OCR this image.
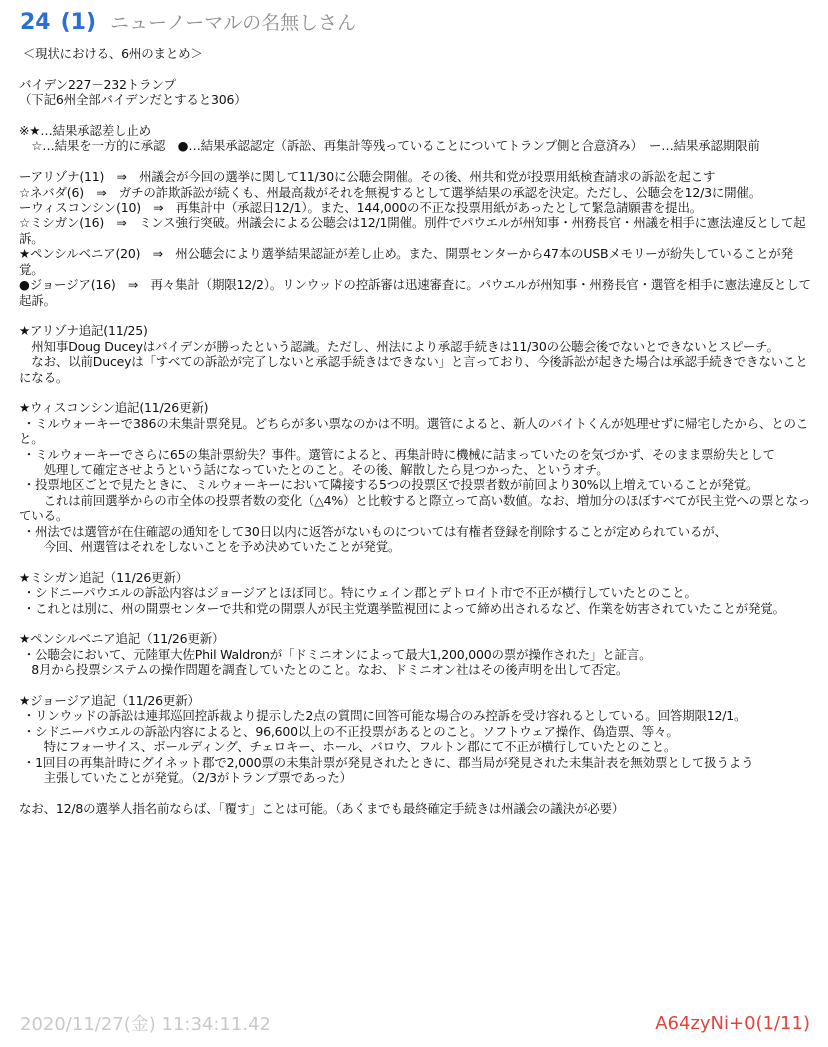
24 (1) ニューノーマルの名無しさん
＜現状における、6州のまとめ＞

バイデン227－232トランプ
（下記6州全部バイデンだとすると306）

※★…結果承認差し止め
　☆…結果を一方的に承認　●…結果承認認定（訴訟、再集計等残っていることについてトランプ側と合意済み）　ー…結果承認期限前

ーアリゾナ(11)　⇒　州議会が今回の選挙に関して11/30に公聴会開催。その後、州共和党が投票用紙検査請求の訴訟を起こす
☆ネバダ(6)　⇒　ガチの詐欺訴訟が続くも、州最高裁がそれを無視するとして選挙結果の承認を決定。ただし、公聴会を12/3に開催。
ーウィスコンシン(10)　⇒　再集計中（承認日12/1）。また、144,000の不正な投票用紙があったとして緊急請願書を提出。
☆ミシガン(16)　⇒　ミンス強行突破。州議会による公聴会は12/1開催。別件でパウエルが州知事・州務長官・州議を相手に憲法違反として起訴。
★ペンシルベニア(20)　⇒　州公聴会により選挙結果認証が差し止め。また、開票センターから47本のUSBメモリーが紛失していることが発覚。
●ジョージア(16)　⇒　再々集計（期限12/2）。リンウッドの控訴審は迅速審査に。パウエルが州知事・州務長官・選管を相手に憲法違反として起訴。

★アリゾナ追記(11/25)
　州知事Doug Duceyはバイデンが勝ったという認識。ただし、州法により承認手続きは11/30の公聴会後でないとできないとスピーチ。
　なお、以前Duceyは「すべての訴訟が完了しないと承認手続きはできない」と言っており、今後訴訟が起きた場合は承認手続きできないことになる。

★ウィスコンシン追記(11/26更新)
・ミルウォーキーで386の未集計票発見。どちらが多い票なのかは不明。選管によると、新人のバイトくんが処理せずに帰宅したから、とのこと。
・ミルウォーキーでさらに65の集計票紛失？事件。選管によると、再集計時に機械に詰まっていたのを気づかず、そのまま票紛失として
　　処理して確定させようという話になっていたとのこと。その後、解散したら見つかった、というオチ。
・投票地区ごとで見たときに、ミルウォーキーにおいて隣接する5つの投票区で投票者数が前回より30%以上増えていることが発覚。
　　これは前回選挙からの市全体の投票者数の変化（△4%）と比較すると際立って高い数値。なお、増加分のほぼすべてが民主党への票となっている。
・州法では選管が在住確認の通知をして30日以内に返答がないものについては有権者登録を削除することが定められているが、
　　今回、州選管はそれをしないことを予め決めていたことが発覚。

★ミシガン追記（11/26更新）
・シドニーパウエルの訴訟内容はジョージアとほぼ同じ。特にウェイン郡とデトロイト市で不正が横行していたとのこと。
・これとは別に、州の開票センターで共和党の開票人が民主党選挙監視団によって締め出されるなど、作業を妨害されていたことが発覚。

★ペンシルベニア追記（11/26更新）
・公聴会において、元陸軍大佐Phil Waldronが「ドミニオンによって最大1,200,000の票が操作された」と証言。
　8月から投票システムの操作問題を調査していたとのこと。なお、ドミニオン社はその後声明を出して否定。

★ジョージア追記（11/26更新）
・リンウッドの訴訟は連邦巡回控訴裁より提示した2点の質問に回答可能な場合のみ控訴を受け容れるとしている。回答期限12/1。
・シドニーパウエルの訴訟内容によると、96,600以上の不正投票があるとのこと。ソフトウェア操作、偽造票、等々。
　　特にフォーサイス、ボールディング、チェロキー、ホール、バロウ、フルトン郡にて不正が横行していたとのこと。
・1回目の再集計時にグイネット郡で2,000票の未集計票が発見されたときに、郡当局が発見された未集計表を無効票として扱うよう
　　主張していたことが発覚。（2/3がトランプ票であった）

なお、12/8の選挙人指名前ならば、「覆す」ことは可能。（あくまでも最終確定手続きは州議会の議決が必要）
2020/11/27(金) 11:34:11.42	A64zyNi+0(1/11)
